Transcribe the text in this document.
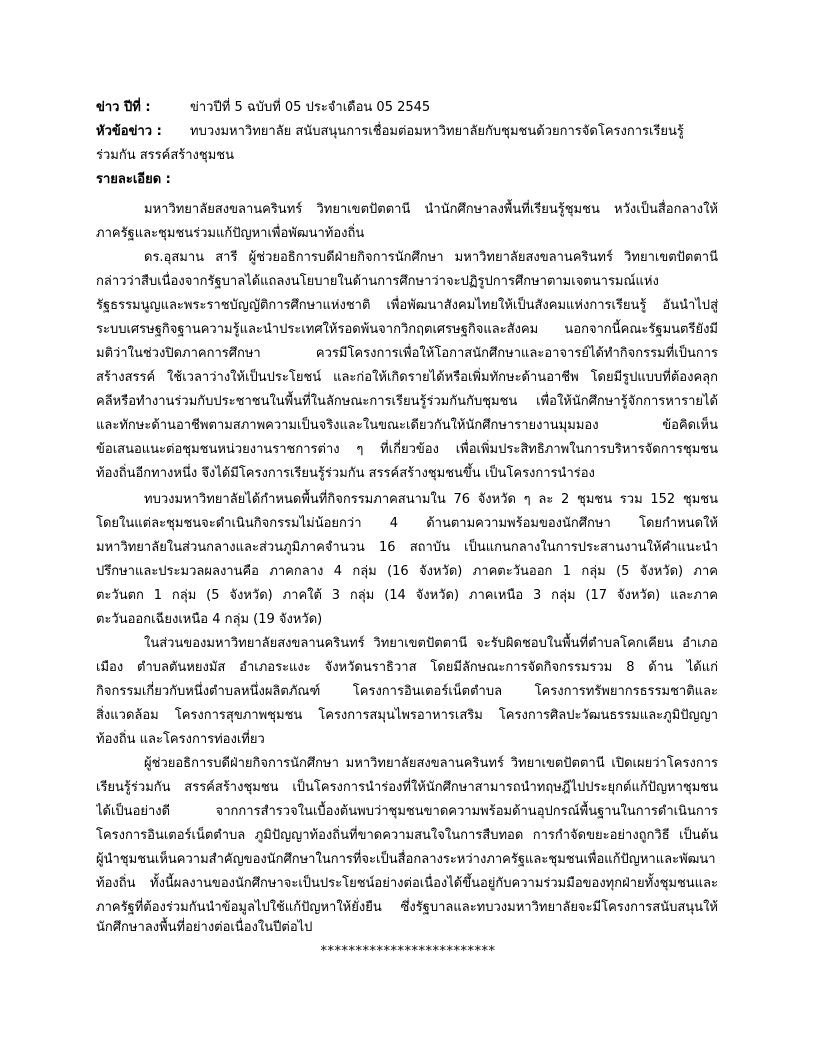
ข่าว ปีที่ :	ข่าวปีที่ 5 ฉบับที่ 05 ประจำเดือน 05 2545
หัวข้อข่าว : ทบวงมหาวิทยาลัย สนับสนุนการเชื่อมต่อมหาวิทยาลัยกับชุมชนด้วยการจัดโครงการเรียนรู้
ร่วมกัน สรรค์สร้างชุมชน
รายละเอียด :
มหาวิทยาลัยสงขลานครินทร์ วิทยาเขตปัตตานี นำนักศึกษาลงพื้นที่เรียนรู้ชุมชน หวังเป็นสื่อกลางให้
ภาครัฐและชุมชนร่วมแก้ปัญหาเพื่อพัฒนาท้องถิ่น
ดร.อุสมาน สารี ผู้ช่วยอธิการบดีฝ่ายกิจการนักศึกษา มหาวิทยาลัยสงขลานครินทร์ วิทยาเขตปัตตานี
กล่าวว่าสืบเนื่องจากรัฐบาลได้แถลงนโยบายในด้านการศึกษาว่าจะปฏิรูปการศึกษาตามเจตนารมณ์แห่ง
รัฐธรรมนูญและพระราชบัญญัติการศึกษาแห่งชาติ เพื่อพัฒนาสังคมไทยให้เป็นสังคมแห่งการเรียนรู้ อันนำไปสู่
ระบบเศรษฐกิจฐานความรู้และนำประเทศให้รอดพ้นจากวิกฤตเศรษฐกิจและสังคม นอกจากนี้คณะรัฐมนตรียังมี
มติว่าในช่วงปิดภาคการศึกษา ควรมีโครงการเพื่อให้โอกาสนักศึกษาและอาจารย์ได้ทำกิจกรรมที่เป็นการ
สร้างสรรค์ ใช้เวลาว่างให้เป็นประโยชน์ และก่อให้เกิดรายได้หรือเพิ่มทักษะด้านอาชีพ โดยมีรูปแบบที่ต้องคลุก
คลีหรือทำงานร่วมกับประชาชนในพื้นที่ในลักษณะการเรียนรู้ร่วมกันกับชุมชน เพื่อให้นักศึกษารู้จักการหารายได้
และทักษะด้านอาชีพตามสภาพความเป็นจริงและในขณะเดียวกันให้นักศึกษารายงานมุมมอง ข้อคิดเห็น
ข้อเสนอแนะต่อชุมชนหน่วยงานราชการต่าง ๆ ที่เกี่ยวข้อง เพื่อเพิ่มประสิทธิภาพในการบริหารจัดการชุมชน
ท้องถิ่นอีกทางหนึ่ง จึงได้มีโครงการเรียนรู้ร่วมกัน สรรค์สร้างชุมชนขึ้น เป็นโครงการนำร่อง
ทบวงมหาวิทยาลัยได้กำหนดพื้นที่กิจกรรมภาคสนามใน 76 จังหวัด ๆ ละ 2 ชุมชน รวม 152 ชุมชน
โดยในแต่ละชุมชนจะดำเนินกิจกรรมไม่น้อยกว่า 4 ด้านตามความพร้อมของนักศึกษา โดยกำหนดให้
มหาวิทยาลัยในส่วนกลางและส่วนภูมิภาคจำนวน 16 สถาบัน เป็นแกนกลางในการประสานงานให้คำแนะนำ
ปรึกษาและประมวลผลงานคือ ภาคกลาง 4 กลุ่ม (16 จังหวัด) ภาคตะวันออก 1 กลุ่ม (5 จังหวัด) ภาค
ตะวันตก 1 กลุ่ม (5 จังหวัด) ภาคใต้ 3 กลุ่ม (14 จังหวัด) ภาคเหนือ 3 กลุ่ม (17 จังหวัด) และภาค
ตะวันออกเฉียงเหนือ 4 กลุ่ม (19 จังหวัด)
ในส่วนของมหาวิทยาลัยสงขลานครินทร์ วิทยาเขตปัตตานี จะรับผิดชอบในพื้นที่ตำบลโคกเคียน อำเภอ
เมือง ตำบลตันหยงมัส อำเภอระแงะ จังหวัดนราธิวาส โดยมีลักษณะการจัดกิจกรรมรวม 8 ด้าน ได้แก่
กิจกรรมเกี่ยวกับหนึ่งตำบลหนึ่งผลิตภัณฑ์ โครงการอินเตอร์เน็ตตำบล โครงการทรัพยากรธรรมชาติและ
สิ่งแวดล้อม โครงการสุขภาพชุมชน โครงการสมุนไพรอาหารเสริม โครงการศิลปะวัฒนธรรมและภูมิปัญญา
ท้องถิ่น และโครงการท่องเที่ยว
ผู้ช่วยอธิการบดีฝ่ายกิจการนักศึกษา มหาวิทยาลัยสงขลานครินทร์ วิทยาเขตปัตตานี เปิดเผยว่าโครงการ
เรียนรู้ร่วมกัน สรรค์สร้างชุมชน เป็นโครงการนำร่องที่ให้นักศึกษาสามารถนำทฤษฎีไปประยุกต์แก้ปัญหาชุมชน
ได้เป็นอย่างดี จากการสำรวจในเบื้องต้นพบว่าชุมชนขาดความพร้อมด้านอุปกรณ์พื้นฐานในการดำเนินการ
โครงการอินเตอร์เน็ตตำบล ภูมิปัญญาท้องถิ่นที่ขาดความสนใจในการสืบทอด การกำจัดขยะอย่างถูกวิธี เป็นต้น
ผู้นำชุมชนเห็นความสำคัญของนักศึกษาในการที่จะเป็นสื่อกลางระหว่างภาครัฐและชุมชนเพื่อแก้ปัญหาและพัฒนา
ท้องถิ่น ทั้งนี้ผลงานของนักศึกษาจะเป็นประโยชน์อย่างต่อเนื่องได้ขึ้นอยู่กับความร่วมมือของทุกฝ่ายทั้งชุมชนและ
ภาครัฐที่ต้องร่วมกันนำข้อมูลไปใช้แก้ปัญหาให้ยั่งยืน ซึ่งรัฐบาลและทบวงมหาวิทยาลัยจะมีโครงการสนับสนุนให้
นักศึกษาลงพื้นที่อย่างต่อเนื่องในปีต่อไป
*************************
